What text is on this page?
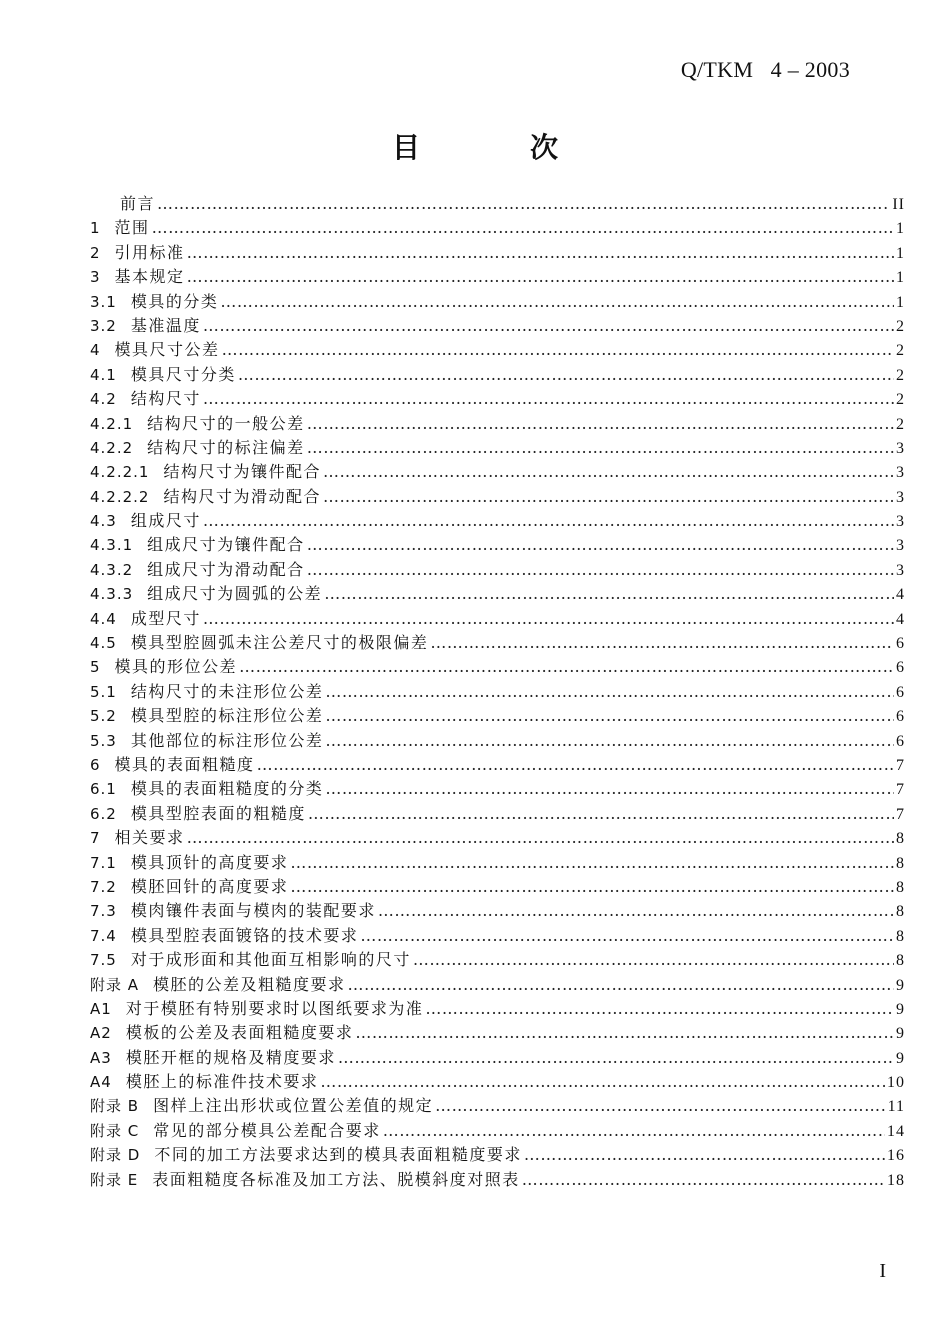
Q/TKM   4 – 2003
目	次
前言 ……………………………………………………………………………………………………………………………………………………………………	II
1 范围 ……………………………………………………………………………………………………………………………………………………………………	1
2 引用标准 ……………………………………………………………………………………………………………………………………………………………………	1
3 基本规定 ……………………………………………………………………………………………………………………………………………………………………	1
3.1 模具的分类 ……………………………………………………………………………………………………………………………………………………………………	1
3.2 基准温度 ……………………………………………………………………………………………………………………………………………………………………	2
4 模具尺寸公差 ……………………………………………………………………………………………………………………………………………………………………	2
4.1 模具尺寸分类 ……………………………………………………………………………………………………………………………………………………………………	2
4.2 结构尺寸 ……………………………………………………………………………………………………………………………………………………………………	2
4.2.1 结构尺寸的一般公差 ……………………………………………………………………………………………………………………………………………………………………	2
4.2.2 结构尺寸的标注偏差 ……………………………………………………………………………………………………………………………………………………………………	3
4.2.2.1 结构尺寸为镶件配合 ……………………………………………………………………………………………………………………………………………………………………	3
4.2.2.2 结构尺寸为滑动配合 ……………………………………………………………………………………………………………………………………………………………………	3
4.3 组成尺寸 ……………………………………………………………………………………………………………………………………………………………………	3
4.3.1 组成尺寸为镶件配合 ……………………………………………………………………………………………………………………………………………………………………	3
4.3.2 组成尺寸为滑动配合 ……………………………………………………………………………………………………………………………………………………………………	3
4.3.3 组成尺寸为圆弧的公差 ……………………………………………………………………………………………………………………………………………………………………	4
4.4 成型尺寸 ……………………………………………………………………………………………………………………………………………………………………	4
4.5 模具型腔圆弧未注公差尺寸的极限偏差 ……………………………………………………………………………………………………………………………………………………………………	6
5 模具的形位公差 ……………………………………………………………………………………………………………………………………………………………………	6
5.1 结构尺寸的未注形位公差 ……………………………………………………………………………………………………………………………………………………………………	6
5.2 模具型腔的标注形位公差 ……………………………………………………………………………………………………………………………………………………………………	6
5.3 其他部位的标注形位公差 ……………………………………………………………………………………………………………………………………………………………………	6
6 模具的表面粗糙度 ……………………………………………………………………………………………………………………………………………………………………	7
6.1 模具的表面粗糙度的分类 ……………………………………………………………………………………………………………………………………………………………………	7
6.2 模具型腔表面的粗糙度 ……………………………………………………………………………………………………………………………………………………………………	7
7 相关要求 ……………………………………………………………………………………………………………………………………………………………………	8
7.1 模具顶针的高度要求 ……………………………………………………………………………………………………………………………………………………………………	8
7.2 模胚回针的高度要求 ……………………………………………………………………………………………………………………………………………………………………	8
7.3 模肉镶件表面与模肉的装配要求 ……………………………………………………………………………………………………………………………………………………………………	8
7.4 模具型腔表面镀铬的技术要求 ……………………………………………………………………………………………………………………………………………………………………	8
7.5 对于成形面和其他面互相影响的尺寸 ……………………………………………………………………………………………………………………………………………………………………	8
附录 A 模胚的公差及粗糙度要求 ……………………………………………………………………………………………………………………………………………………………………	9
A1 对于模胚有特别要求时以图纸要求为准 ……………………………………………………………………………………………………………………………………………………………………	9
A2 模板的公差及表面粗糙度要求 ……………………………………………………………………………………………………………………………………………………………………	9
A3 模胚开框的规格及精度要求 ……………………………………………………………………………………………………………………………………………………………………	9
A4 模胚上的标准件技术要求 ……………………………………………………………………………………………………………………………………………………………………	10
附录 B 图样上注出形状或位置公差值的规定 ……………………………………………………………………………………………………………………………………………………………………	11
附录 C 常见的部分模具公差配合要求 ……………………………………………………………………………………………………………………………………………………………………	14
附录 D 不同的加工方法要求达到的模具表面粗糙度要求 ……………………………………………………………………………………………………………………………………………………………………	16
附录 E 表面粗糙度各标准及加工方法、脱模斜度对照表 ……………………………………………………………………………………………………………………………………………………………………	18
I
